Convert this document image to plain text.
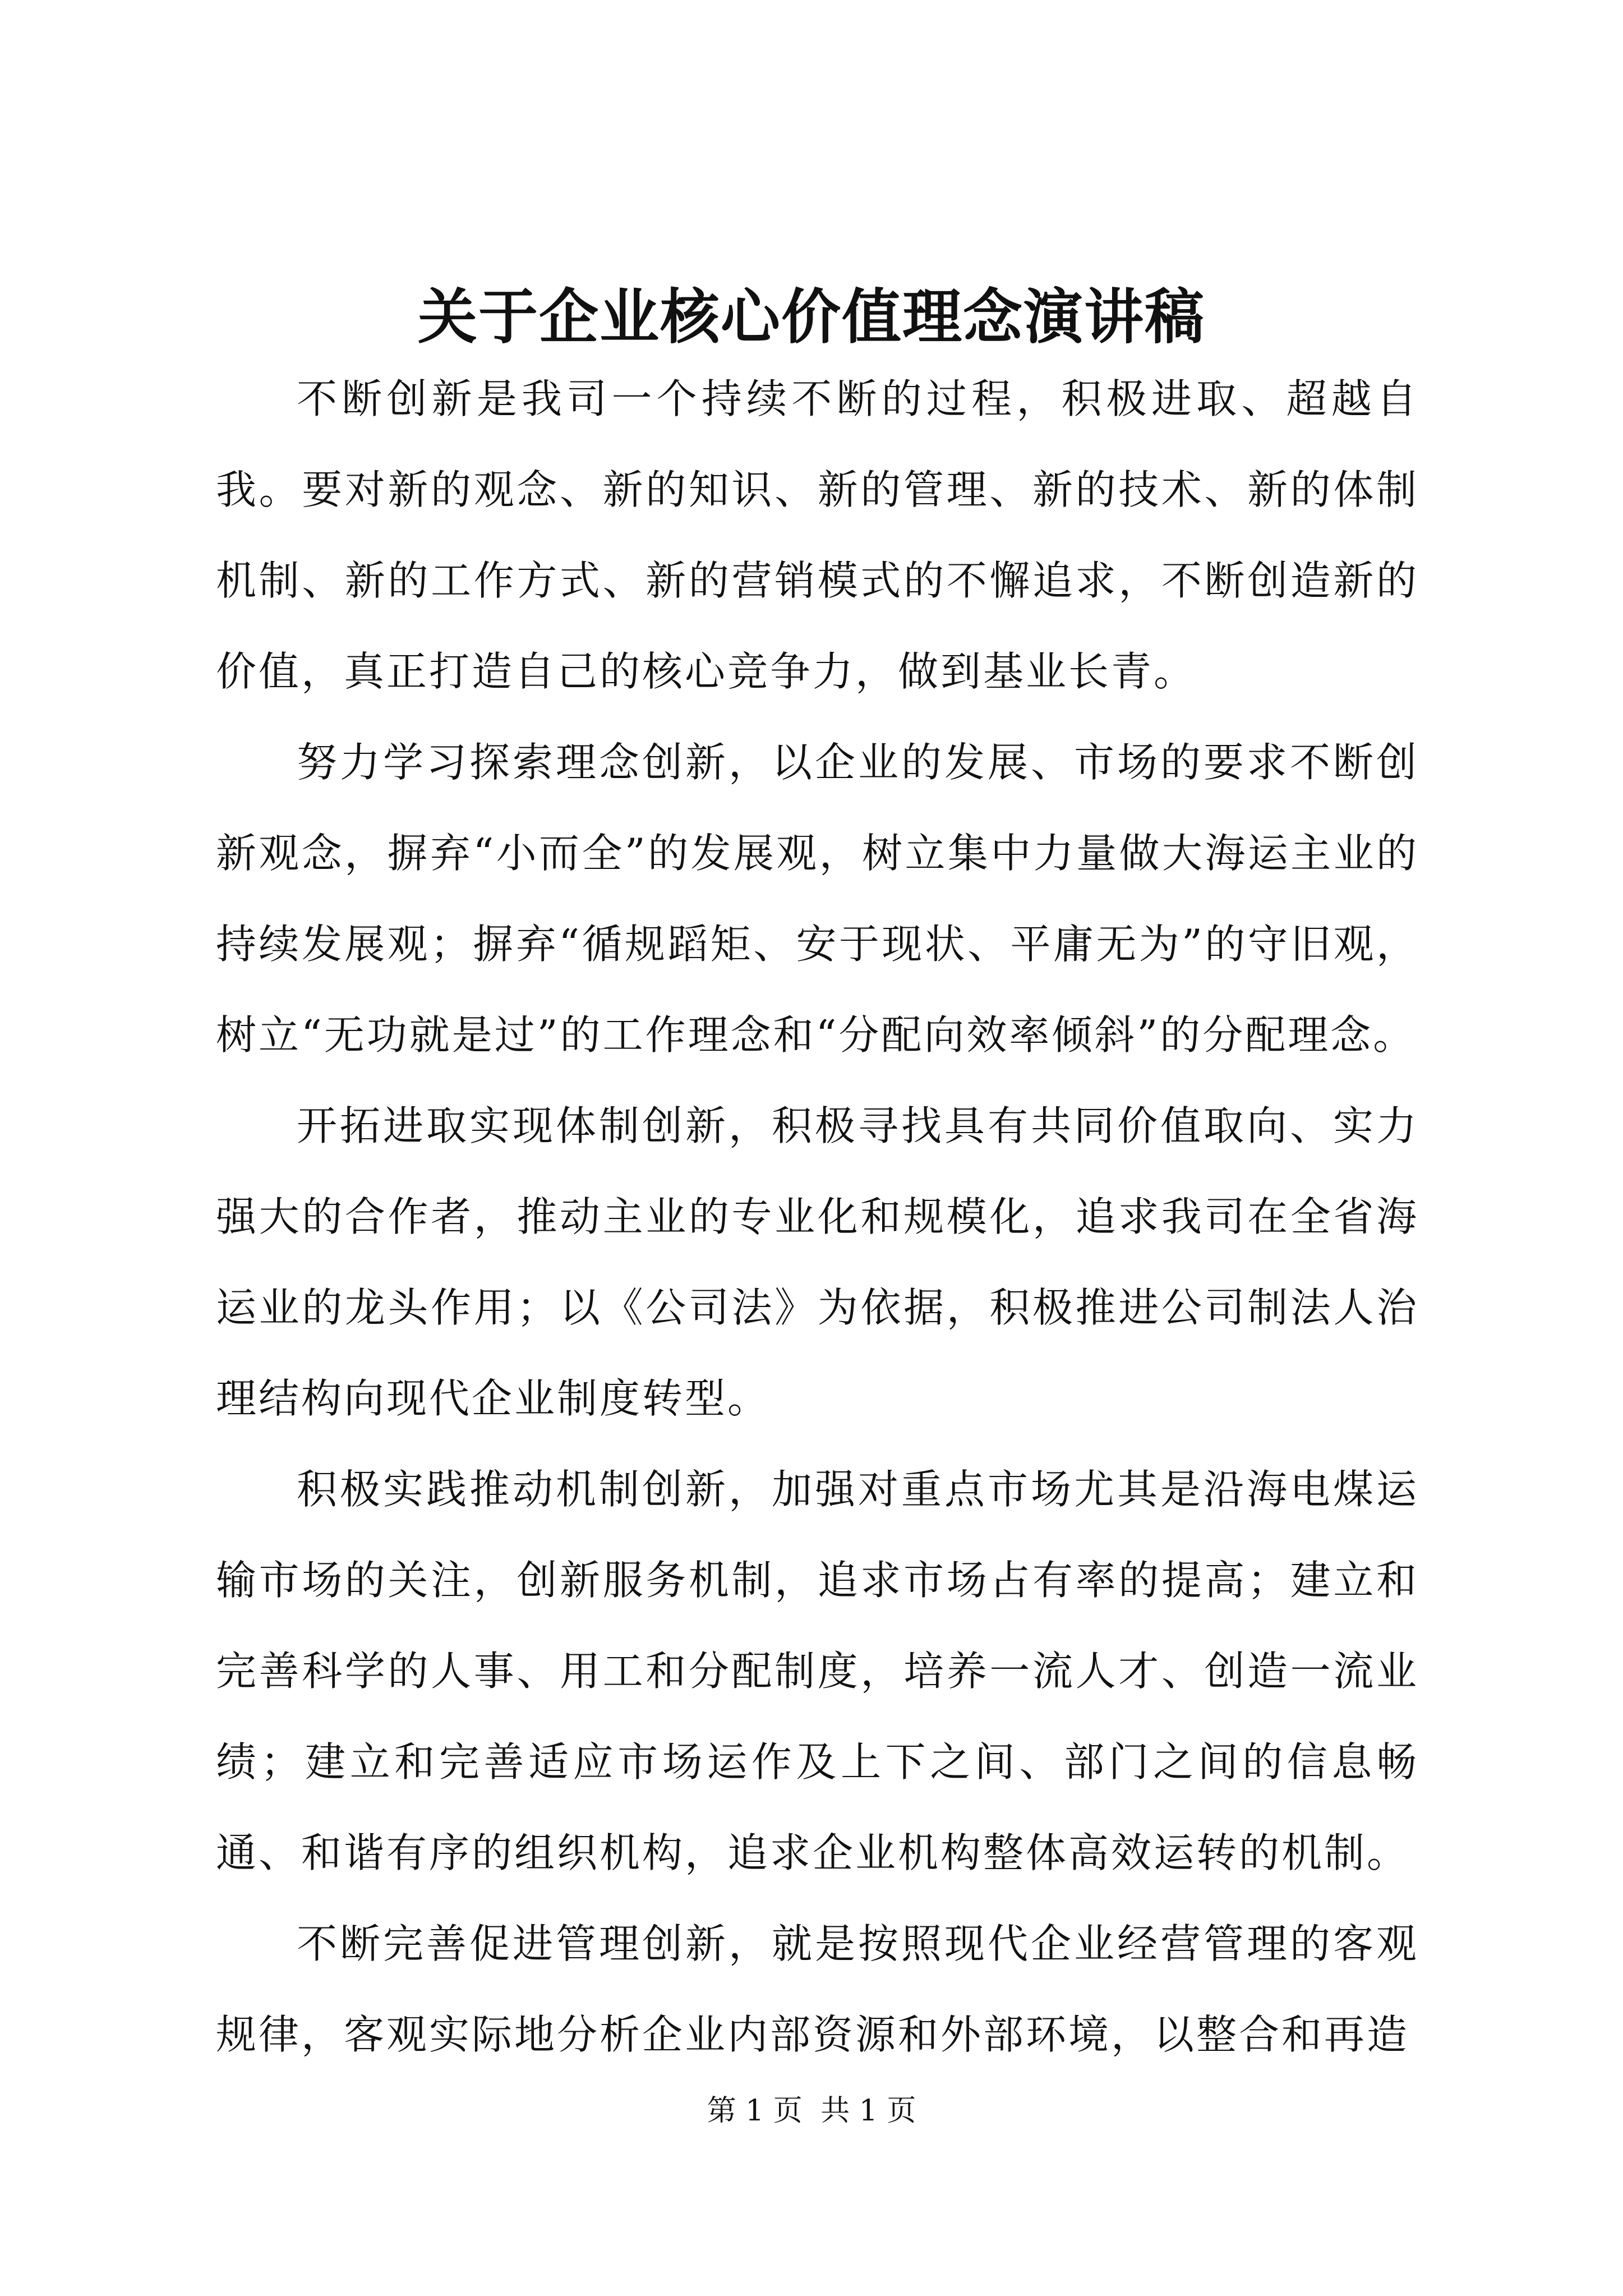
关于企业核心价值理念演讲稿

不断创新是我司一个持续不断的过程，积极进取、超越自我。要对新的观念、新的知识、新的管理、新的技术、新的体制机制、新的工作方式、新的营销模式的不懈追求，不断创造新的价值，真正打造自己的核心竞争力，做到基业长青。

努力学习探索理念创新，以企业的发展、市场的要求不断创新观念，摒弃“小而全”的发展观，树立集中力量做大海运主业的持续发展观；摒弃“循规蹈矩、安于现状、平庸无为”的守旧观，树立“无功就是过”的工作理念和“分配向效率倾斜”的分配理念。

开拓进取实现体制创新，积极寻找具有共同价值取向、实力强大的合作者，推动主业的专业化和规模化，追求我司在全省海运业的龙头作用；以《公司法》为依据，积极推进公司制法人治理结构向现代企业制度转型。

积极实践推动机制创新，加强对重点市场尤其是沿海电煤运输市场的关注，创新服务机制，追求市场占有率的提高；建立和完善科学的人事、用工和分配制度，培养一流人才、创造一流业绩；建立和完善适应市场运作及上下之间、部门之间的信息畅通、和谐有序的组织机构，追求企业机构整体高效运转的机制。

不断完善促进管理创新，就是按照现代企业经营管理的客观规律，客观实际地分析企业内部资源和外部环境，以整合和再造

第 1 页 共 1 页
